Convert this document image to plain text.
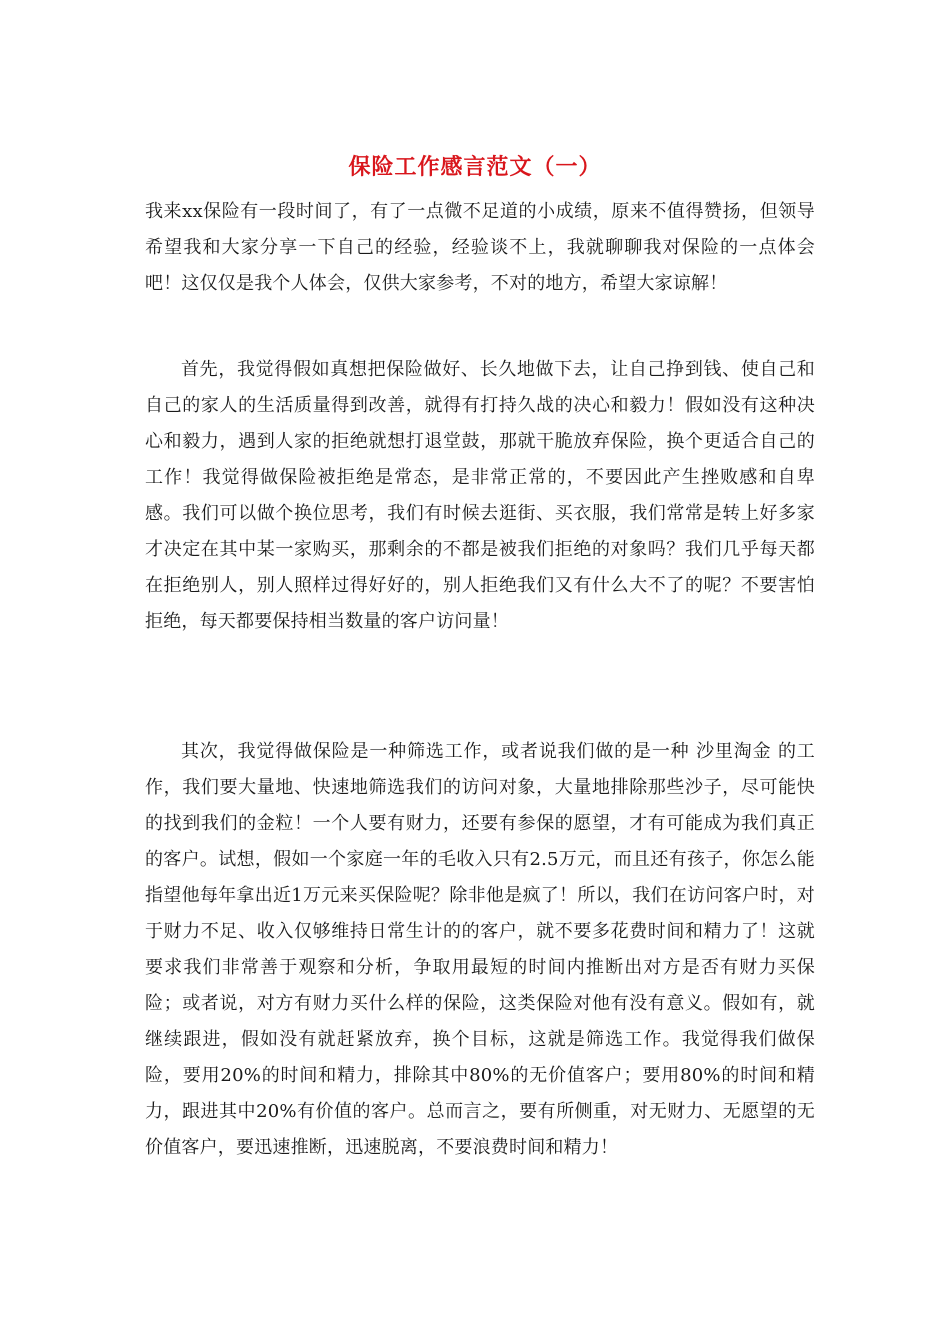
保险工作感言范文（一）
我来xx保险有一段时间了，有了一点微不足道的小成绩，原来不值得赞扬，但领导希望我和大家分享一下自己的经验，经验谈不上，我就聊聊我对保险的一点体会吧！这仅仅是我个人体会，仅供大家参考，不对的地方，希望大家谅解！
首先，我觉得假如真想把保险做好、长久地做下去，让自己挣到钱、使自己和自己的家人的生活质量得到改善，就得有打持久战的决心和毅力！假如没有这种决心和毅力，遇到人家的拒绝就想打退堂鼓，那就干脆放弃保险，换个更适合自己的工作！我觉得做保险被拒绝是常态，是非常正常的，不要因此产生挫败感和自卑感。我们可以做个换位思考，我们有时候去逛街、买衣服，我们常常是转上好多家才决定在其中某一家购买，那剩余的不都是被我们拒绝的对象吗？我们几乎每天都在拒绝别人，别人照样过得好好的，别人拒绝我们又有什么大不了的呢？不要害怕拒绝，每天都要保持相当数量的客户访问量！
其次，我觉得做保险是一种筛选工作，或者说我们做的是一种 沙里淘金 的工作，我们要大量地、快速地筛选我们的访问对象，大量地排除那些沙子，尽可能快的找到我们的金粒！一个人要有财力，还要有参保的愿望，才有可能成为我们真正的客户。试想，假如一个家庭一年的毛收入只有2.5万元，而且还有孩子，你怎么能指望他每年拿出近1万元来买保险呢？除非他是疯了！所以，我们在访问客户时，对于财力不足、收入仅够维持日常生计的的客户，就不要多花费时间和精力了！这就要求我们非常善于观察和分析，争取用最短的时间内推断出对方是否有财力买保险；或者说，对方有财力买什么样的保险，这类保险对他有没有意义。假如有，就继续跟进，假如没有就赶紧放弃，换个目标，这就是筛选工作。我觉得我们做保险，要用20%的时间和精力，排除其中80%的无价值客户；要用80%的时间和精力，跟进其中20%有价值的客户。总而言之，要有所侧重，对无财力、无愿望的无价值客户，要迅速推断，迅速脱离，不要浪费时间和精力！
